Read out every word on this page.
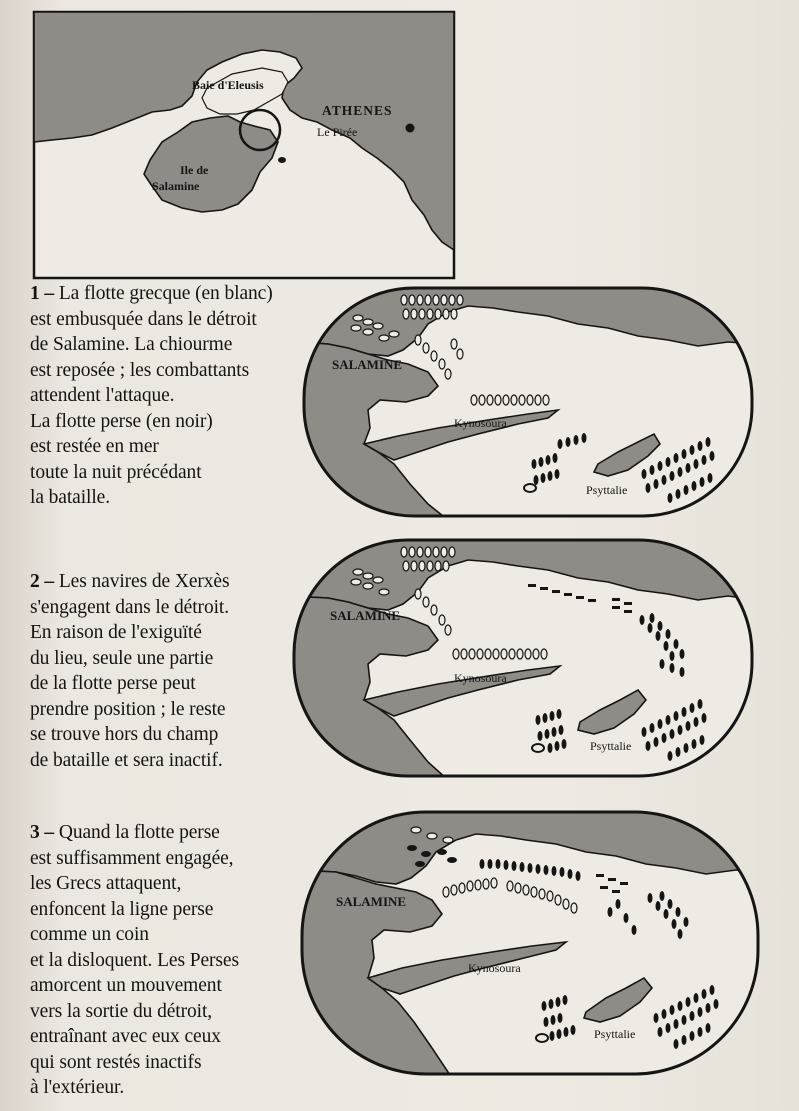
Baie d'Eleusis
ATHENES
Le Pirée
Ile de
Salamine
1 – La flotte grecque (en blanc)
est embusquée dans le détroit
de Salamine. La chiourme
est reposée ; les combattants
attendent l'attaque.
La flotte perse (en noir)
est restée en mer
toute la nuit précédant
la bataille.
SALAMINE
Kynosoura
Psyttalie
2 – Les navires de Xerxès
s'engagent dans le détroit.
En raison de l'exiguïté
du lieu, seule une partie
de la flotte perse peut
prendre position ; le reste
se trouve hors du champ
de bataille et sera inactif.
SALAMINE
Kynosoura
Psyttalie
3 – Quand la flotte perse
est suffisamment engagée,
les Grecs attaquent,
enfoncent la ligne perse
comme un coin
et la disloquent. Les Perses
amorcent un mouvement
vers la sortie du détroit,
entraînant avec eux ceux
qui sont restés inactifs
à l'extérieur.
SALAMINE
Kynosoura
Psyttalie
